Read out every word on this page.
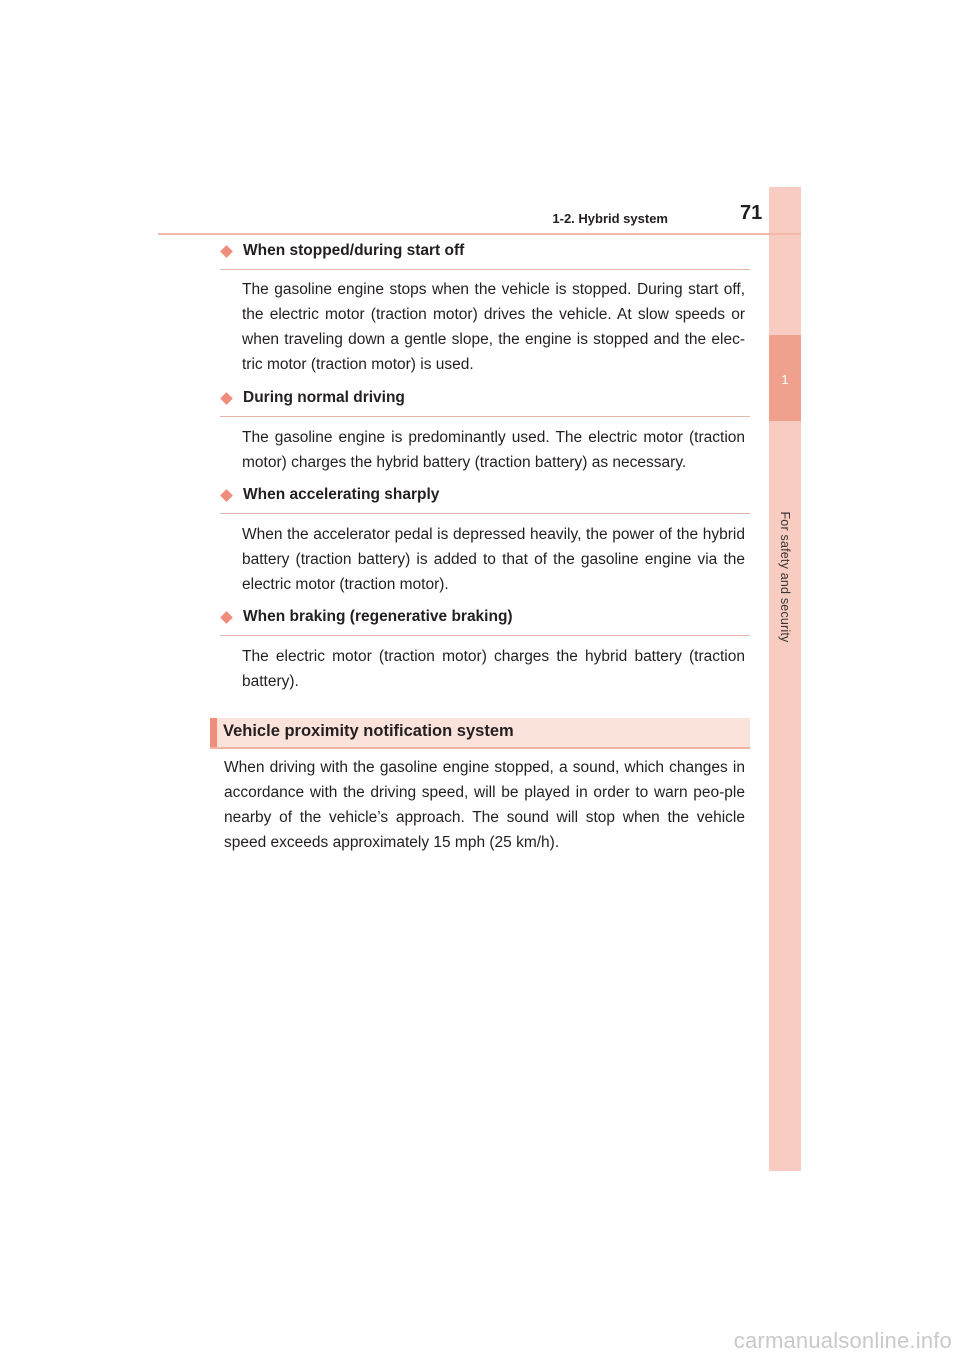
1
For safety and security
1-2. Hybrid system	71
When stopped/during start off

The gasoline engine stops when the vehicle is stopped. During start off, the electric motor (traction motor) drives the vehicle. At slow speeds or when traveling down a gentle slope, the engine is stopped and the elec-tric motor (traction motor) is used.

During normal driving

The gasoline engine is predominantly used. The electric motor (traction motor) charges the hybrid battery (traction battery) as necessary.

When accelerating sharply

When the accelerator pedal is depressed heavily, the power of the hybrid battery (traction battery) is added to that of the gasoline engine via the electric motor (traction motor).

When braking (regenerative braking)

The electric motor (traction motor) charges the hybrid battery (traction battery).

Vehicle proximity notification system

When driving with the gasoline engine stopped, a sound, which changes in accordance with the driving speed, will be played in order to warn peo-ple nearby of the vehicle’s approach. The sound will stop when the vehicle speed exceeds approximately 15 mph (25 km/h).

carmanualsonline.info
